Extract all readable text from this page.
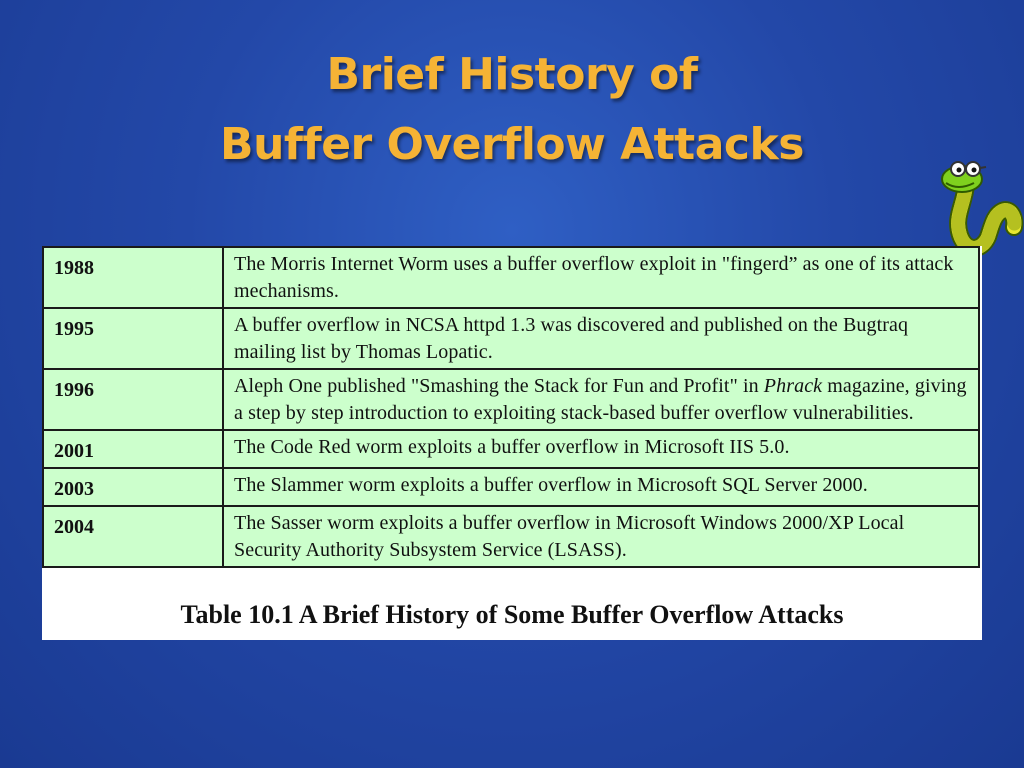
Brief History of
Buffer Overflow Attacks
1988	The Morris Internet Worm uses a buffer overflow exploit in "fingerd” as one of its attack mechanisms.
1995	A buffer overflow in NCSA httpd 1.3 was discovered and published on the Bugtraq mailing list by Thomas Lopatic.
1996	Aleph One published "Smashing the Stack for Fun and Profit" in Phrack magazine, giving a step by step introduction to exploiting stack-based buffer overflow vulnerabilities.
2001	The Code Red worm exploits a buffer overflow in Microsoft IIS 5.0.
2003	The Slammer worm exploits a buffer overflow in Microsoft SQL Server 2000.
2004	The Sasser worm exploits a buffer overflow in Microsoft Windows 2000/XP Local Security Authority Subsystem Service (LSASS).
Table 10.1 A Brief History of Some Buffer Overflow Attacks
